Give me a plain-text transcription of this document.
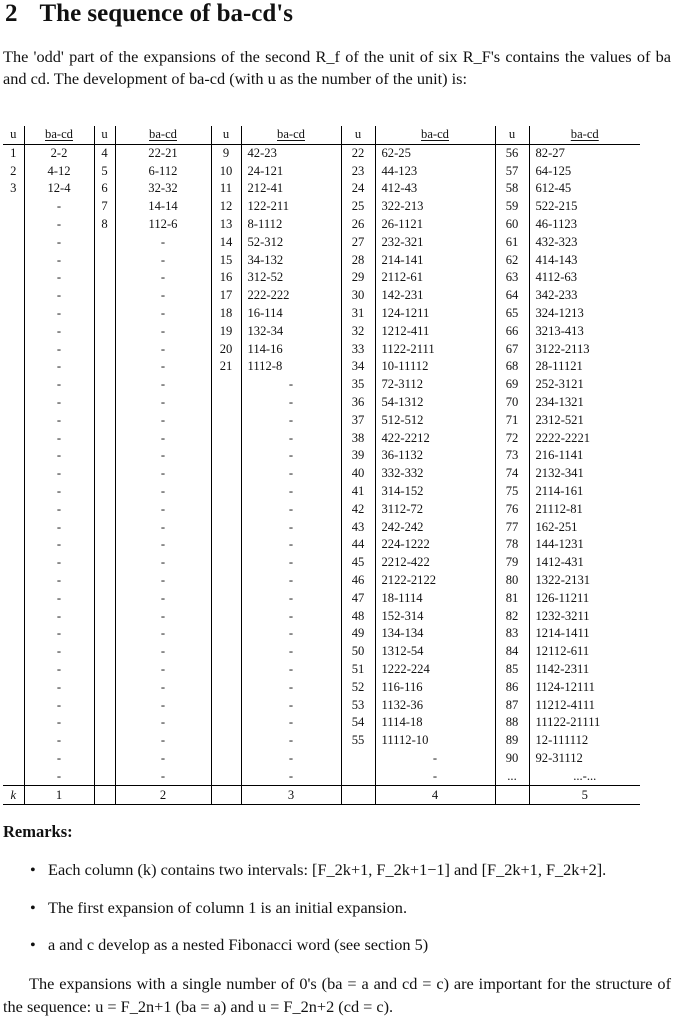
2 The sequence of ba-cd's
The 'odd' part of the expansions of the second R_f of the unit of six R_F's contains the values of ba and cd. The development of ba-cd (with u as the number of the unit) is:
u	ba-cd	u	ba-cd	u	ba-cd	u	ba-cd	u	ba-cd
1	2-2	4	22-21	9	42-23	22	62-25	56	82-27
2	4-12	5	6-112	10	24-121	23	44-123	57	64-125
3	12-4	6	32-32	11	212-41	24	412-43	58	612-45
	-	7	14-14	12	122-211	25	322-213	59	522-215
	-	8	112-6	13	8-1112	26	26-1121	60	46-1123
	-		-	14	52-312	27	232-321	61	432-323
	-		-	15	34-132	28	214-141	62	414-143
	-		-	16	312-52	29	2112-61	63	4112-63
	-		-	17	222-222	30	142-231	64	342-233
	-		-	18	16-114	31	124-1211	65	324-1213
	-		-	19	132-34	32	1212-411	66	3213-413
	-		-	20	114-16	33	1122-2111	67	3122-2113
	-		-	21	1112-8	34	10-11112	68	28-11121
	-		-		-	35	72-3112	69	252-3121
	-		-		-	36	54-1312	70	234-1321
	-		-		-	37	512-512	71	2312-521
	-		-		-	38	422-2212	72	2222-2221
	-		-		-	39	36-1132	73	216-1141
	-		-		-	40	332-332	74	2132-341
	-		-		-	41	314-152	75	2114-161
	-		-		-	42	3112-72	76	21112-81
	-		-		-	43	242-242	77	162-251
	-		-		-	44	224-1222	78	144-1231
	-		-		-	45	2212-422	79	1412-431
	-		-		-	46	2122-2122	80	1322-2131
	-		-		-	47	18-1114	81	126-11211
	-		-		-	48	152-314	82	1232-3211
	-		-		-	49	134-134	83	1214-1411
	-		-		-	50	1312-54	84	12112-611
	-		-		-	51	1222-224	85	1142-2311
	-		-		-	52	116-116	86	1124-12111
	-		-		-	53	1132-36	87	11212-4111
	-		-		-	54	1114-18	88	11122-21111
	-		-		-	55	11112-10	89	12-111112
	-		-		-		-	90	92-31112
	-		-		-		-	...	...-...
k	1		2		3		4		5
Remarks:
• Each column (k) contains two intervals: [F_2k+1, F_2k+1−1] and [F_2k+1, F_2k+2].
• The first expansion of column 1 is an initial expansion.
• a and c develop as a nested Fibonacci word (see section 5)
The expansions with a single number of 0's (ba = a and cd = c) are important for the structure of the sequence: u = F_2n+1 (ba = a) and u = F_2n+2 (cd = c).
